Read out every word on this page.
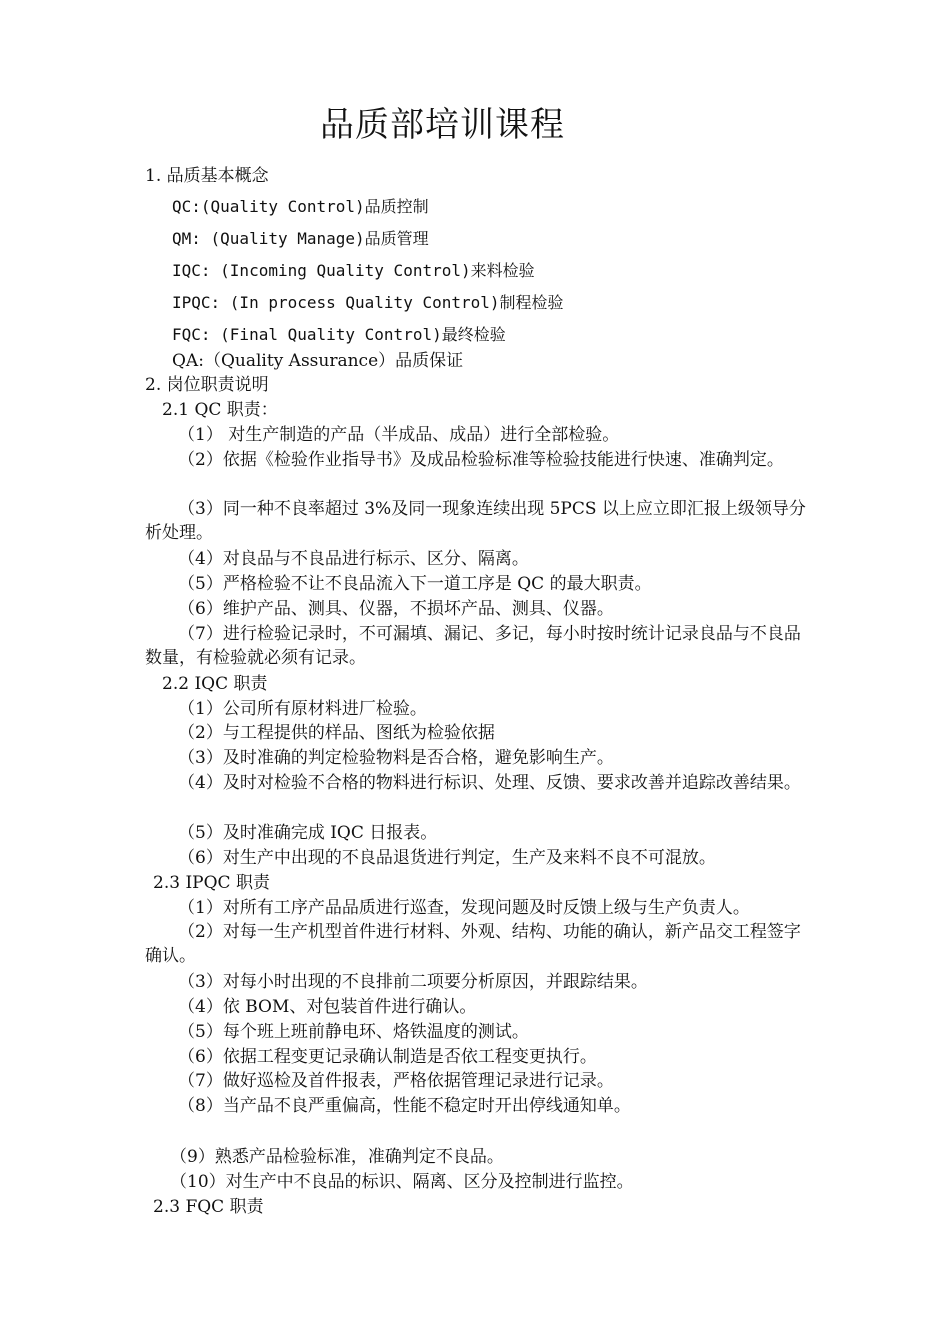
品质部培训课程
1. 品质基本概念
QC:(Quality Control)品质控制
QM: (Quality Manage)品质管理
IQC: (Incoming Quality Control)来料检验
IPQC: (In process Quality Control)制程检验
FQC: (Final Quality Control)最终检验
QA:（Quality Assurance）品质保证
2. 岗位职责说明
2.1 QC 职责：
（1） 对生产制造的产品（半成品、成品）进行全部检验。
（2）依据《检验作业指导书》及成品检验标准等检验技能进行快速、准确判定。
（3）同一种不良率超过 3%及同一现象连续出现 5PCS 以上应立即汇报上级领导分析处理。
（4）对良品与不良品进行标示、区分、隔离。
（5）严格检验不让不良品流入下一道工序是 QC 的最大职责。
（6）维护产品、测具、仪器，不损坏产品、测具、仪器。
（7）进行检验记录时，不可漏填、漏记、多记，每小时按时统计记录良品与不良品数量，有检验就必须有记录。
2.2 IQC 职责
（1）公司所有原材料进厂检验。
（2）与工程提供的样品、图纸为检验依据
（3）及时准确的判定检验物料是否合格，避免影响生产。
（4）及时对检验不合格的物料进行标识、处理、反馈、要求改善并追踪改善结果。
（5）及时准确完成 IQC 日报表。
（6）对生产中出现的不良品退货进行判定，生产及来料不良不可混放。
2.3 IPQC 职责
（1）对所有工序产品品质进行巡查，发现问题及时反馈上级与生产负责人。
（2）对每一生产机型首件进行材料、外观、结构、功能的确认，新产品交工程签字确认。
（3）对每小时出现的不良排前二项要分析原因，并跟踪结果。
（4）依 BOM、对包装首件进行确认。
（5）每个班上班前静电环、烙铁温度的测试。
（6）依据工程变更记录确认制造是否依工程变更执行。
（7）做好巡检及首件报表，严格依据管理记录进行记录。
（8）当产品不良严重偏高，性能不稳定时开出停线通知单。
（9）熟悉产品检验标准，准确判定不良品。
（10）对生产中不良品的标识、隔离、区分及控制进行监控。
2.3 FQC 职责
